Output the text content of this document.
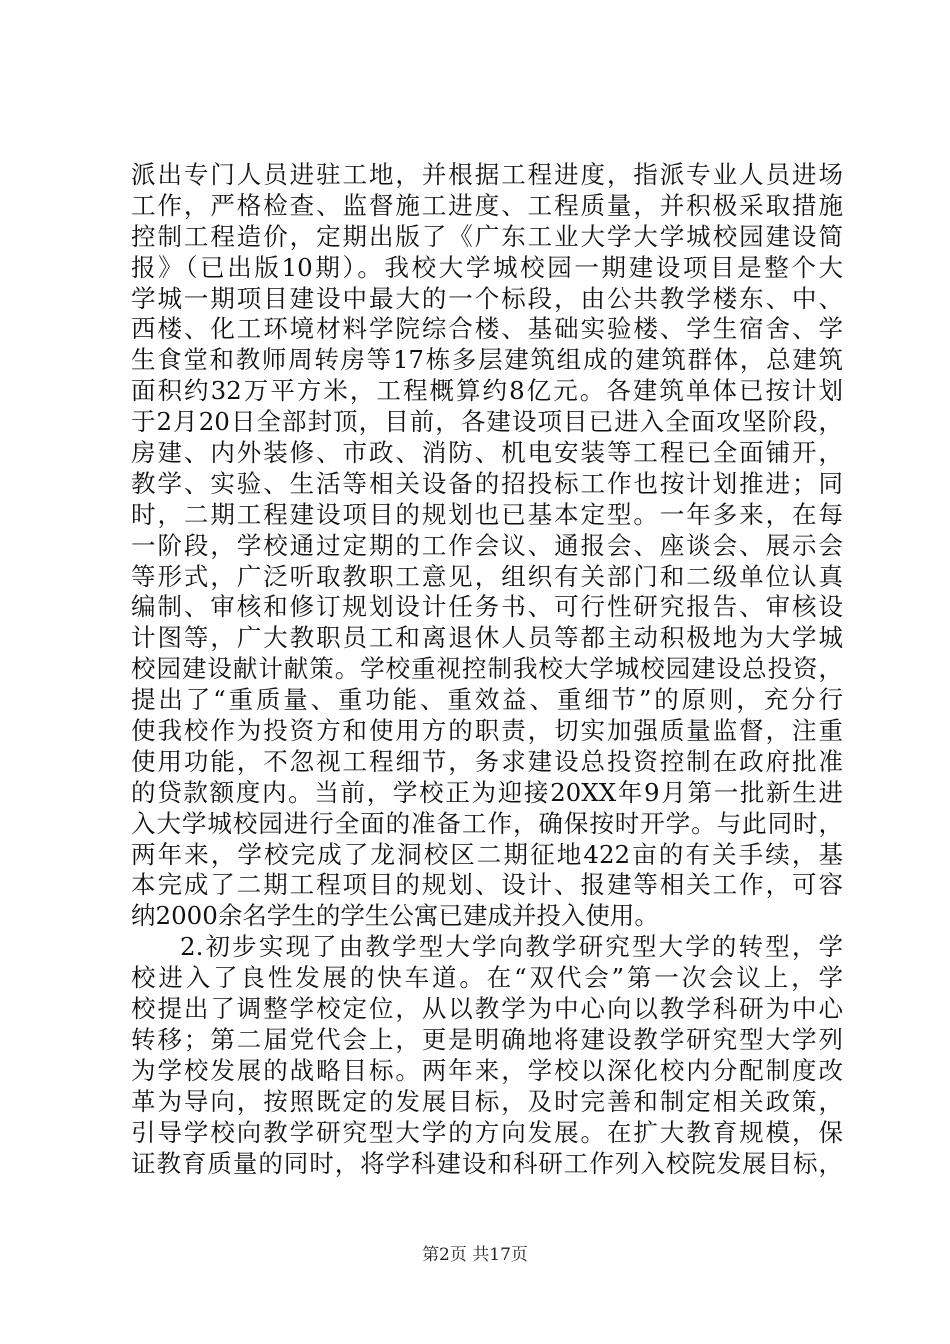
派出专门人员进驻工地，并根据工程进度，指派专业人员进场
工作，严格检查、监督施工进度、工程质量，并积极采取措施
控制工程造价，定期出版了《广东工业大学大学城校园建设简
报》（已出版10期）。我校大学城校园一期建设项目是整个大
学城一期项目建设中最大的一个标段，由公共教学楼东、中、
西楼、化工环境材料学院综合楼、基础实验楼、学生宿舍、学
生食堂和教师周转房等17栋多层建筑组成的建筑群体，总建筑
面积约32万平方米，工程概算约8亿元。各建筑单体已按计划
于2月20日全部封顶，目前，各建设项目已进入全面攻坚阶段，
房建、内外装修、市政、消防、机电安装等工程已全面铺开，
教学、实验、生活等相关设备的招投标工作也按计划推进；同
时，二期工程建设项目的规划也已基本定型。一年多来，在每
一阶段，学校通过定期的工作会议、通报会、座谈会、展示会
等形式，广泛听取教职工意见，组织有关部门和二级单位认真
编制、审核和修订规划设计任务书、可行性研究报告、审核设
计图等，广大教职员工和离退休人员等都主动积极地为大学城
校园建设献计献策。学校重视控制我校大学城校园建设总投资，
提出了“重质量、重功能、重效益、重细节”的原则，充分行
使我校作为投资方和使用方的职责，切实加强质量监督，注重
使用功能，不忽视工程细节，务求建设总投资控制在政府批准
的贷款额度内。当前，学校正为迎接20XX年9月第一批新生进
入大学城校园进行全面的准备工作，确保按时开学。与此同时，
两年来，学校完成了龙洞校区二期征地422亩的有关手续，基
本完成了二期工程项目的规划、设计、报建等相关工作，可容
纳2000余名学生的学生公寓已建成并投入使用。
2.初步实现了由教学型大学向教学研究型大学的转型，学
校进入了良性发展的快车道。在“双代会”第一次会议上，学
校提出了调整学校定位，从以教学为中心向以教学科研为中心
转移；第二届党代会上，更是明确地将建设教学研究型大学列
为学校发展的战略目标。两年来，学校以深化校内分配制度改
革为导向，按照既定的发展目标，及时完善和制定相关政策，
引导学校向教学研究型大学的方向发展。在扩大教育规模，保
证教育质量的同时，将学科建设和科研工作列入校院发展目标，
第2页 共17页
